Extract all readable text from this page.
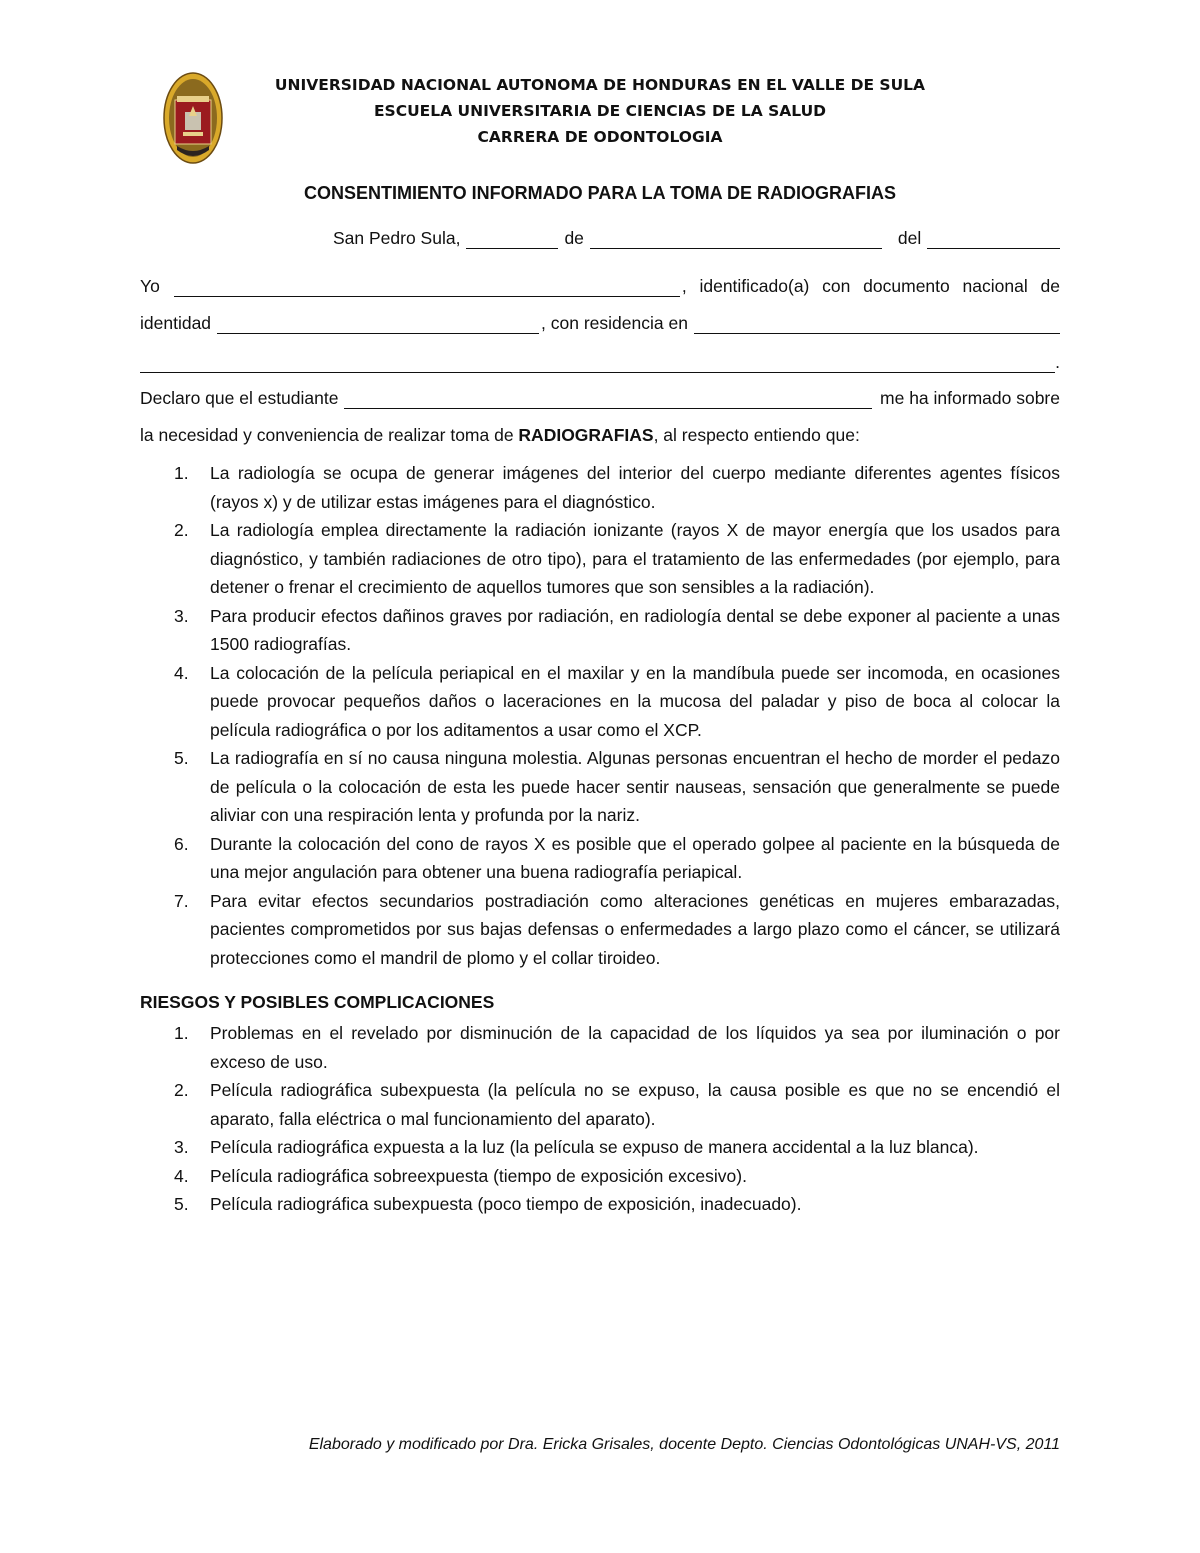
UNIVERSIDAD NACIONAL AUTONOMA DE HONDURAS EN EL VALLE DE SULA
ESCUELA UNIVERSITARIA DE CIENCIAS DE LA SALUD
CARRERA DE ODONTOLOGIA
CONSENTIMIENTO INFORMADO PARA LA TOMA DE RADIOGRAFIAS
San Pedro Sula,	de	del
Yo	, identificado(a) con documento nacional de
identidad	, con residencia en
.
Declaro que el estudiante	me ha informado sobre
la necesidad y conveniencia de realizar toma de RADIOGRAFIAS, al respecto entiendo que:
1. La radiología se ocupa de generar imágenes del interior del cuerpo mediante diferentes agentes físicos (rayos x) y de utilizar estas imágenes para el diagnóstico.
2. La radiología emplea directamente la radiación ionizante (rayos X de mayor energía que los usados para diagnóstico, y también radiaciones de otro tipo), para el tratamiento de las enfermedades (por ejemplo, para detener o frenar el crecimiento de aquellos tumores que son sensibles a la radiación).
3. Para producir efectos dañinos graves por radiación, en radiología dental se debe exponer al paciente a unas 1500 radiografías.
4. La colocación de la película periapical en el maxilar y en la mandíbula puede ser incomoda, en ocasiones puede provocar pequeños daños o laceraciones en la mucosa del paladar y piso de boca al colocar la película radiográfica o por los aditamentos a usar como el XCP.
5. La radiografía en sí no causa ninguna molestia. Algunas personas encuentran el hecho de morder el pedazo de película o la colocación de esta les puede hacer sentir nauseas, sensación que generalmente se puede aliviar con una respiración lenta y profunda por la nariz.
6. Durante la colocación del cono de rayos X es posible que el operado golpee al paciente en la búsqueda de una mejor angulación para obtener una buena radiografía periapical.
7. Para evitar efectos secundarios postradiación como alteraciones genéticas en mujeres embarazadas, pacientes comprometidos por sus bajas defensas o enfermedades a largo plazo como el cáncer, se utilizará protecciones como el mandril de plomo y el collar tiroideo.
RIESGOS Y POSIBLES COMPLICACIONES
1. Problemas en el revelado por disminución de la capacidad de los líquidos ya sea por iluminación o por exceso de uso.
2. Película radiográfica subexpuesta (la película no se expuso, la causa posible es que no se encendió el aparato, falla eléctrica o mal funcionamiento del aparato).
3. Película radiográfica expuesta a la luz (la película se expuso de manera accidental a la luz blanca).
4. Película radiográfica sobreexpuesta (tiempo de exposición excesivo).
5. Película radiográfica subexpuesta (poco tiempo de exposición, inadecuado).
Elaborado y modificado por Dra. Ericka Grisales, docente Depto. Ciencias Odontológicas UNAH-VS, 2011
